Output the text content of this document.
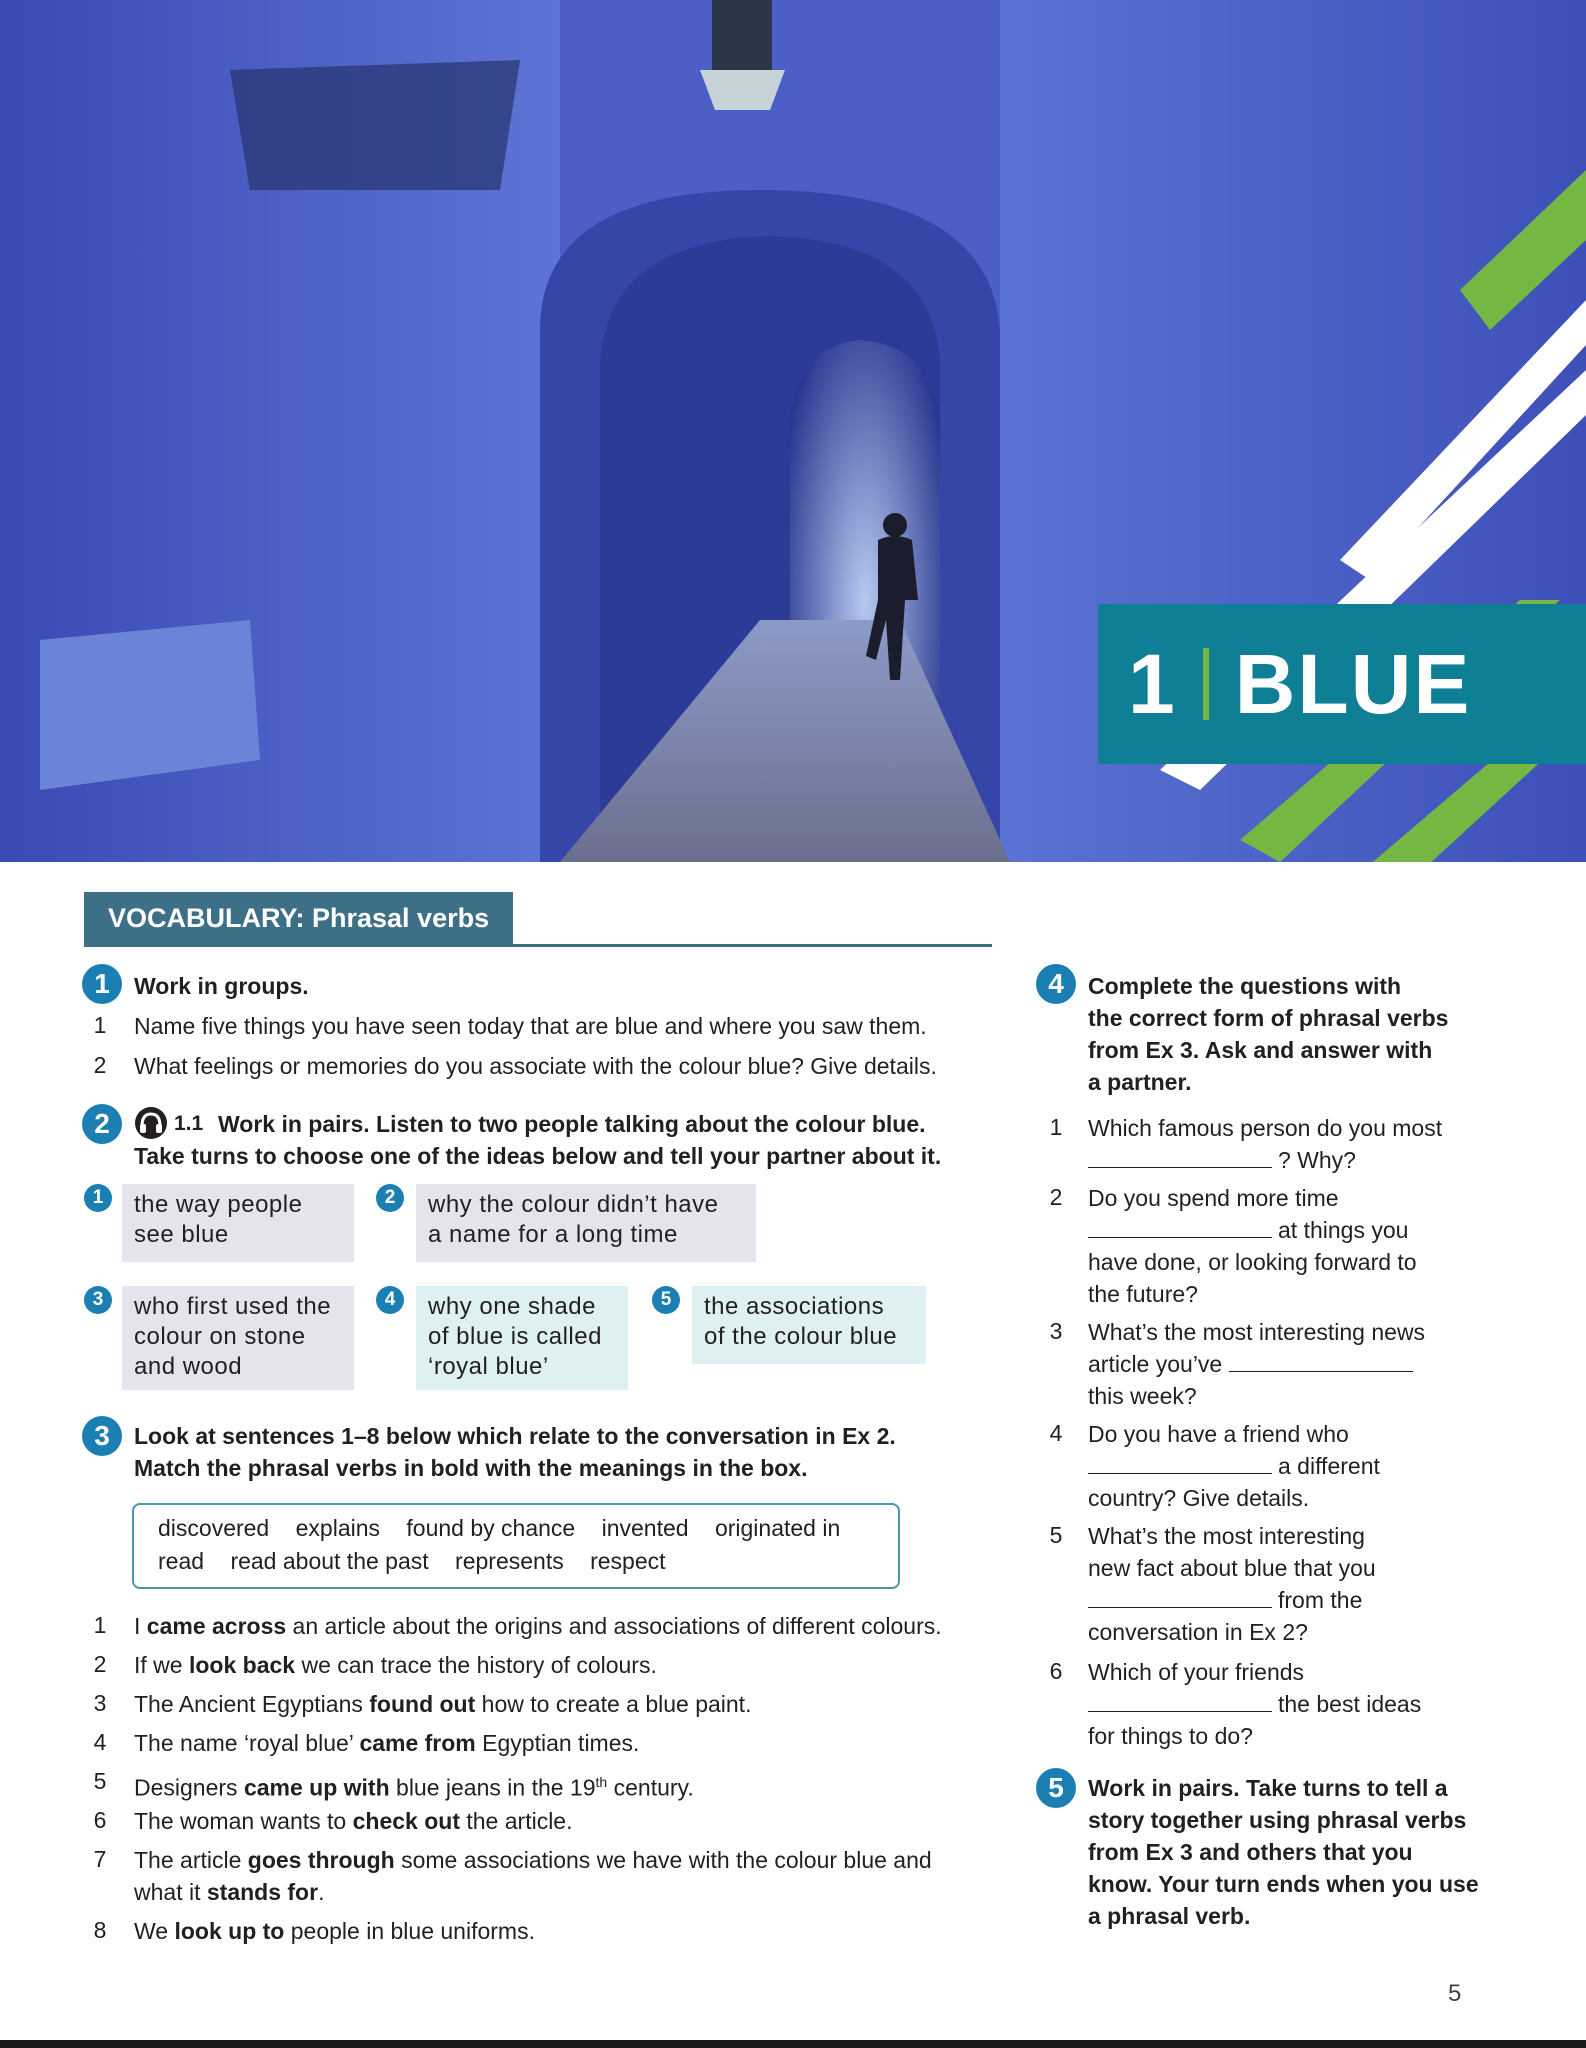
1 BLUE
VOCABULARY: Phrasal verbs
1	Work in groups.
1 Name five things you have seen today that are blue and where you saw them.
2 What feelings or memories do you associate with the colour blue? Give details.
2	1.1 Work in pairs. Listen to two people talking about the colour blue.
Take turns to choose one of the ideas below and tell your partner about it.
1	the way people
see blue
2	why the colour didn’t have
a name for a long time
3	who first used the
colour on stone
and wood
4	why one shade
of blue is called
‘royal blue’
5	the associations
of the colour blue
3	Look at sentences 1–8 below which relate to the conversation in Ex 2.
Match the phrasal verbs in bold with the meanings in the box.
discovered explains found by chance invented originated in
read read about the past represents respect
1 I came across an article about the origins and associations of different colours.
2 If we look back we can trace the history of colours.
3 The Ancient Egyptians found out how to create a blue paint.
4 The name ‘royal blue’ came from Egyptian times.
5 Designers came up with blue jeans in the 19th century.
6 The woman wants to check out the article.
7 The article goes through some associations we have with the colour blue and what it stands for.
8 We look up to people in blue uniforms.
4	Complete the questions with
the correct form of phrasal verbs
from Ex 3. Ask and answer with
a partner.
1 Which famous person do you most
? Why?
2 Do you spend more time
at things you
have done, or looking forward to
the future?
3 What’s the most interesting news
article you’ve
this week?
4 Do you have a friend who
a different
country? Give details.
5 What’s the most interesting
new fact about blue that you
from the
conversation in Ex 2?
6 Which of your friends
the best ideas
for things to do?
5	Work in pairs. Take turns to tell a
story together using phrasal verbs
from Ex 3 and others that you
know. Your turn ends when you use
a phrasal verb.
5
